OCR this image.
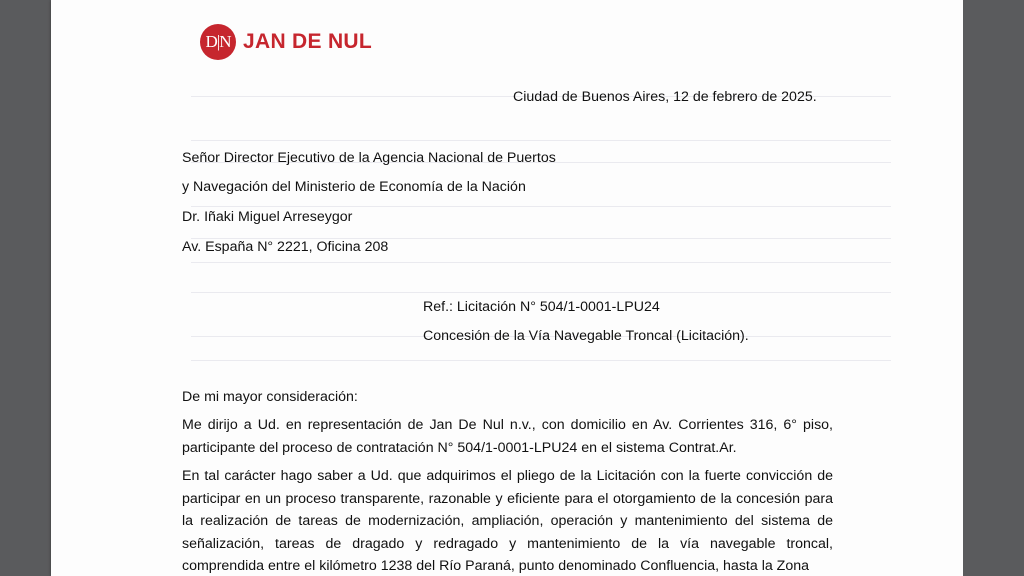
D|N JAN DE NUL
Ciudad de Buenos Aires, 12 de febrero de 2025.
Señor Director Ejecutivo de la Agencia Nacional de Puertos
y Navegación del Ministerio de Economía de la Nación
Dr. Iñaki Miguel Arreseygor
Av. España N° 2221, Oficina 208
Ref.: Licitación N° 504/1-0001-LPU24
Concesión de la Vía Navegable Troncal (Licitación).
De mi mayor consideración:
Me dirijo a Ud. en representación de Jan De Nul n.v., con domicilio en Av. Corrientes 316, 6° piso, participante del proceso de contratación N° 504/1-0001-LPU24 en el sistema Contrat.Ar.
En tal carácter hago saber a Ud. que adquirimos el pliego de la Licitación con la fuerte convicción de participar en un proceso transparente, razonable y eficiente para el otorgamiento de la concesión para la realización de tareas de modernización, ampliación, operación y mantenimiento del sistema de señalización, tareas de dragado y redragado y mantenimiento de la vía navegable troncal, comprendida entre el kilómetro 1238 del Río Paraná, punto denominado Confluencia, hasta la Zona
